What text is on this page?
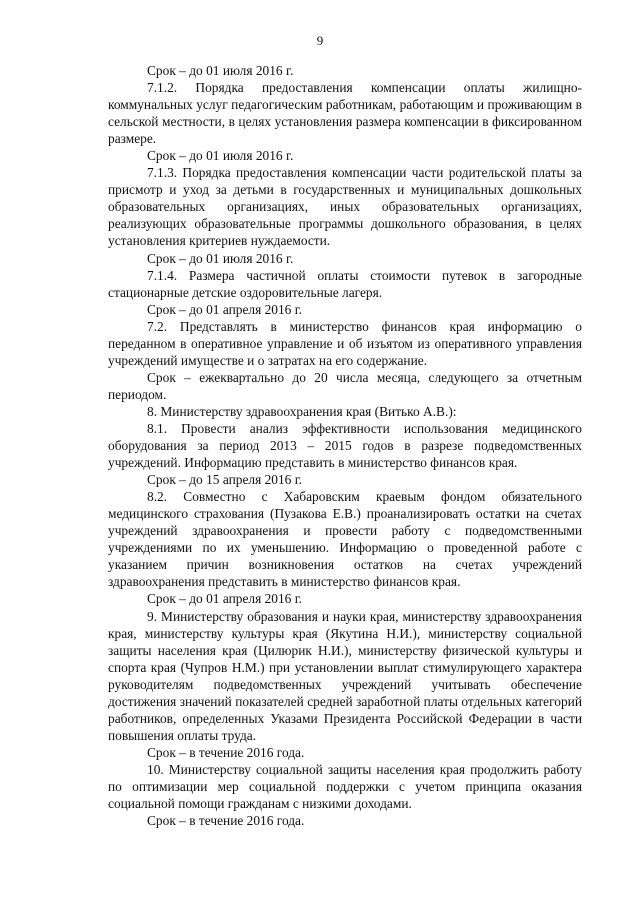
9

Срок – до 01 июля 2016 г.

7.1.2. Порядка предоставления компенсации оплаты жилищно-коммунальных услуг педагогическим работникам, работающим и проживающим в сельской местности, в целях установления размера компенсации в фиксированном размере.

Срок – до 01 июля 2016 г.

7.1.3. Порядка предоставления компенсации части родительской платы за присмотр и уход за детьми в государственных и муниципальных дошкольных образовательных организациях, иных образовательных организациях, реализующих образовательные программы дошкольного образования, в целях установления критериев нуждаемости.

Срок – до 01 июля 2016 г.

7.1.4. Размера частичной оплаты стоимости путевок в загородные стационарные детские оздоровительные лагеря.

Срок – до 01 апреля 2016 г.

7.2. Представлять в министерство финансов края информацию о переданном в оперативное управление и об изъятом из оперативного управления учреждений имуществе и о затратах на его содержание.

Срок – ежеквартально до 20 числа месяца, следующего за отчетным периодом.

8. Министерству здравоохранения края (Витько А.В.):

8.1. Провести анализ эффективности использования медицинского оборудования за период 2013 – 2015 годов в разрезе подведомственных учреждений. Информацию представить в министерство финансов края.

Срок – до 15 апреля 2016 г.

8.2. Совместно с Хабаровским краевым фондом обязательного медицинского страхования (Пузакова Е.В.) проанализировать остатки на счетах учреждений здравоохранения и провести работу с подведомственными учреждениями по их уменьшению. Информацию о проведенной работе с указанием причин возникновения остатков на счетах учреждений здравоохранения представить в министерство финансов края.

Срок – до 01 апреля 2016 г.

9. Министерству образования и науки края, министерству здравоохранения края, министерству культуры края (Якутина Н.И.), министерству социальной защиты населения края (Цилюрик Н.И.), министерству физической культуры и спорта края (Чупров Н.М.) при установлении выплат стимулирующего характера руководителям подведомственных учреждений учитывать обеспечение достижения значений показателей средней заработной платы отдельных категорий работников, определенных Указами Президента Российской Федерации в части повышения оплаты труда.

Срок – в течение 2016 года.

10. Министерству социальной защиты населения края продолжить работу по оптимизации мер социальной поддержки с учетом принципа оказания социальной помощи гражданам с низкими доходами.

Срок – в течение 2016 года.
